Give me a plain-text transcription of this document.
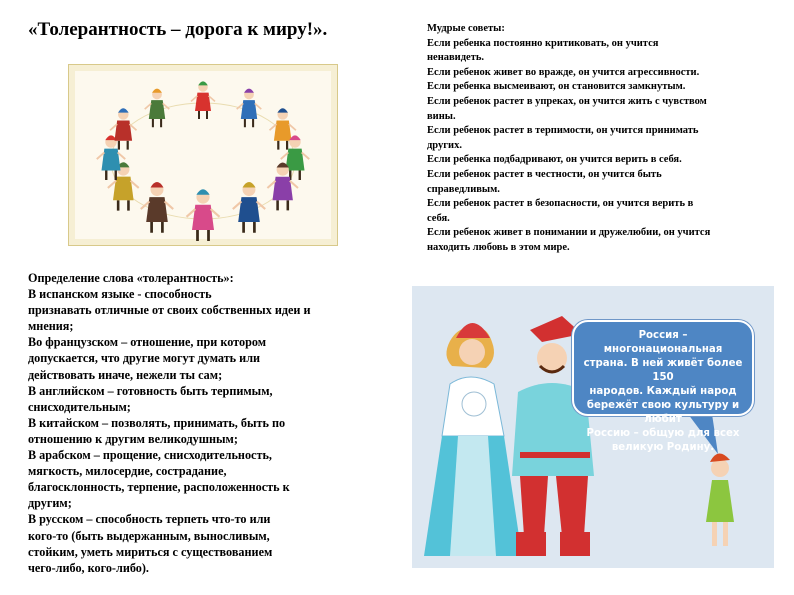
«Толерантность – дорога к миру!».	Мудрые советы:
Если ребенка постоянно критиковать, он учится
ненавидеть.
Если ребенок живет во вражде, он учится агрессивности.
Если ребенка высмеивают, он становится замкнутым.
Если ребенок растет в упреках, он учится жить с чувством
вины.
Если ребенок растет в терпимости, он учится принимать
других.
Если ребенка подбадривают, он учится верить в себя.
Если ребенок растет в честности, он учится быть
справедливым.
Если ребенок растет в безопасности, он учится верить в
себя.
Если ребенок живет в понимании и дружелюбии, он учится
находить любовь в этом мире.
Определение слова «толерантность»:
В испанском языке - способность
признавать отличные от своих собственных идеи и
мнения;
Во французском – отношение, при котором
допускается, что другие могут думать или
действовать иначе, нежели ты сам;
В английском – готовность быть терпимым,
снисходительным;
В китайском – позволять, принимать, быть по
отношению к другим великодушным;
В арабском – прощение, снисходительность,
мягкость, милосердие, сострадание,
благосклонность, терпение, расположенность к
другим;
В русском – способность терпеть что-то или
кого-то (быть выдержанным, выносливым,
стойким, уметь мириться с существованием
чего-либо, кого-либо).
Россия – многонациональная
страна. В ней живёт более 150
народов. Каждый народ
бережёт свою культуру и любит
Россию – общую для всех
великую Родину.
